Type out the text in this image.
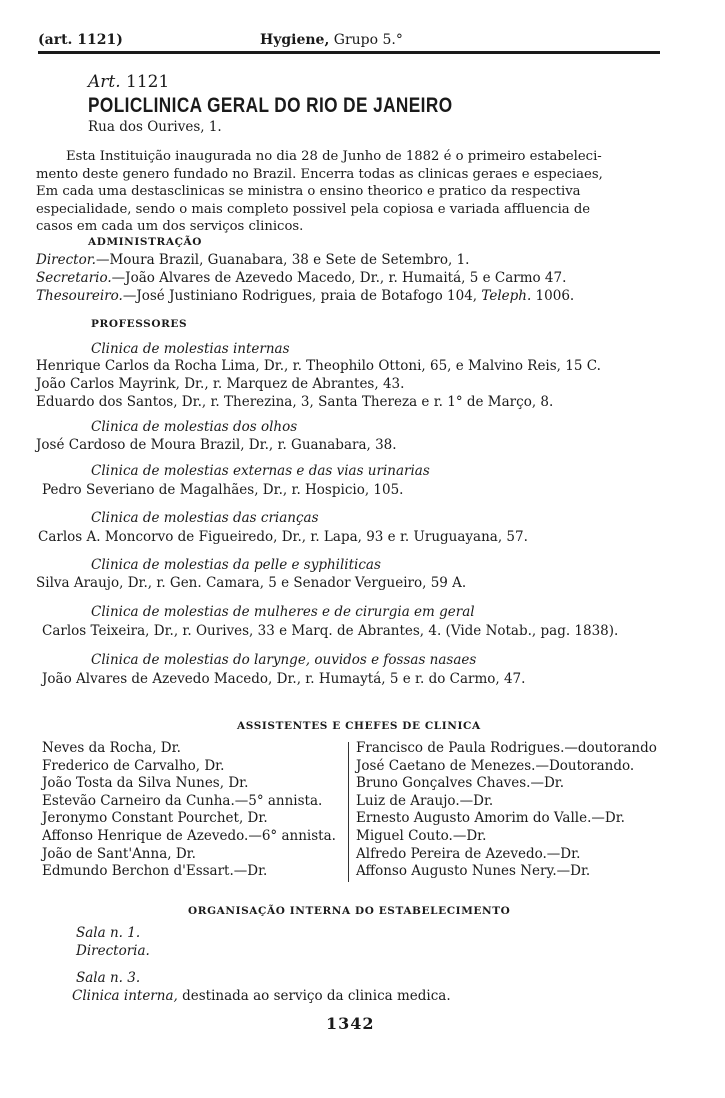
(art. 1121)	Hygiene, Grupo 5.°
Art. 1121
POLICLINICA GERAL DO RIO DE JANEIRO
Rua dos Ourives, 1.
Esta Instituição inaugurada no dia 28 de Junho de 1882 é o primeiro estabeleci-
mento deste genero fundado no Brazil. Encerra todas as clinicas geraes e especiaes,
Em cada uma destasclinicas se ministra o ensino theorico e pratico da respectiva
especialidade, sendo o mais completo possivel pela copiosa e variada affluencia de
casos em cada um dos serviços clinicos.
ADMINISTRAÇÃO
Director.—Moura Brazil, Guanabara, 38 e Sete de Setembro, 1.
Secretario.—João Alvares de Azevedo Macedo, Dr., r. Humaitá, 5 e Carmo 47.
Thesoureiro.—José Justiniano Rodrigues, praia de Botafogo 104, Teleph. 1006.
PROFESSORES
Clinica de molestias internas
Henrique Carlos da Rocha Lima, Dr., r. Theophilo Ottoni, 65, e Malvino Reis, 15 C.
João Carlos Mayrink, Dr., r. Marquez de Abrantes, 43.
Eduardo dos Santos, Dr., r. Therezina, 3, Santa Thereza e r. 1° de Março, 8.
Clinica de molestias dos olhos
José Cardoso de Moura Brazil, Dr., r. Guanabara, 38.
Clinica de molestias externas e das vias urinarias
Pedro Severiano de Magalhães, Dr., r. Hospicio, 105.
Clinica de molestias das crianças
Carlos A. Moncorvo de Figueiredo, Dr., r. Lapa, 93 e r. Uruguayana, 57.
Clinica de molestias da pelle e syphiliticas
Silva Araujo, Dr., r. Gen. Camara, 5 e Senador Vergueiro, 59 A.
Clinica de molestias de mulheres e de cirurgia em geral
Carlos Teixeira, Dr., r. Ourives, 33 e Marq. de Abrantes, 4. (Vide Notab., pag. 1838).
Clinica de molestias do larynge, ouvidos e fossas nasaes
João Alvares de Azevedo Macedo, Dr., r. Humaytá, 5 e r. do Carmo, 47.
ASSISTENTES E CHEFES DE CLINICA
Neves da Rocha, Dr.
Frederico de Carvalho, Dr.
João Tosta da Silva Nunes, Dr.
Estevão Carneiro da Cunha.—5° annista.
Jeronymo Constant Pourchet, Dr.
Affonso Henrique de Azevedo.—6° annista.
João de Sant'Anna, Dr.
Edmundo Berchon d'Essart.—Dr.
Francisco de Paula Rodrigues.—doutorando
José Caetano de Menezes.—Doutorando.
Bruno Gonçalves Chaves.—Dr.
Luiz de Araujo.—Dr.
Ernesto Augusto Amorim do Valle.—Dr.
Miguel Couto.—Dr.
Alfredo Pereira de Azevedo.—Dr.
Affonso Augusto Nunes Nery.—Dr.
ORGANISAÇÃO INTERNA DO ESTABELECIMENTO
Sala n. 1.
Directoria.
Sala n. 3.
Clinica interna, destinada ao serviço da clinica medica.
1342
